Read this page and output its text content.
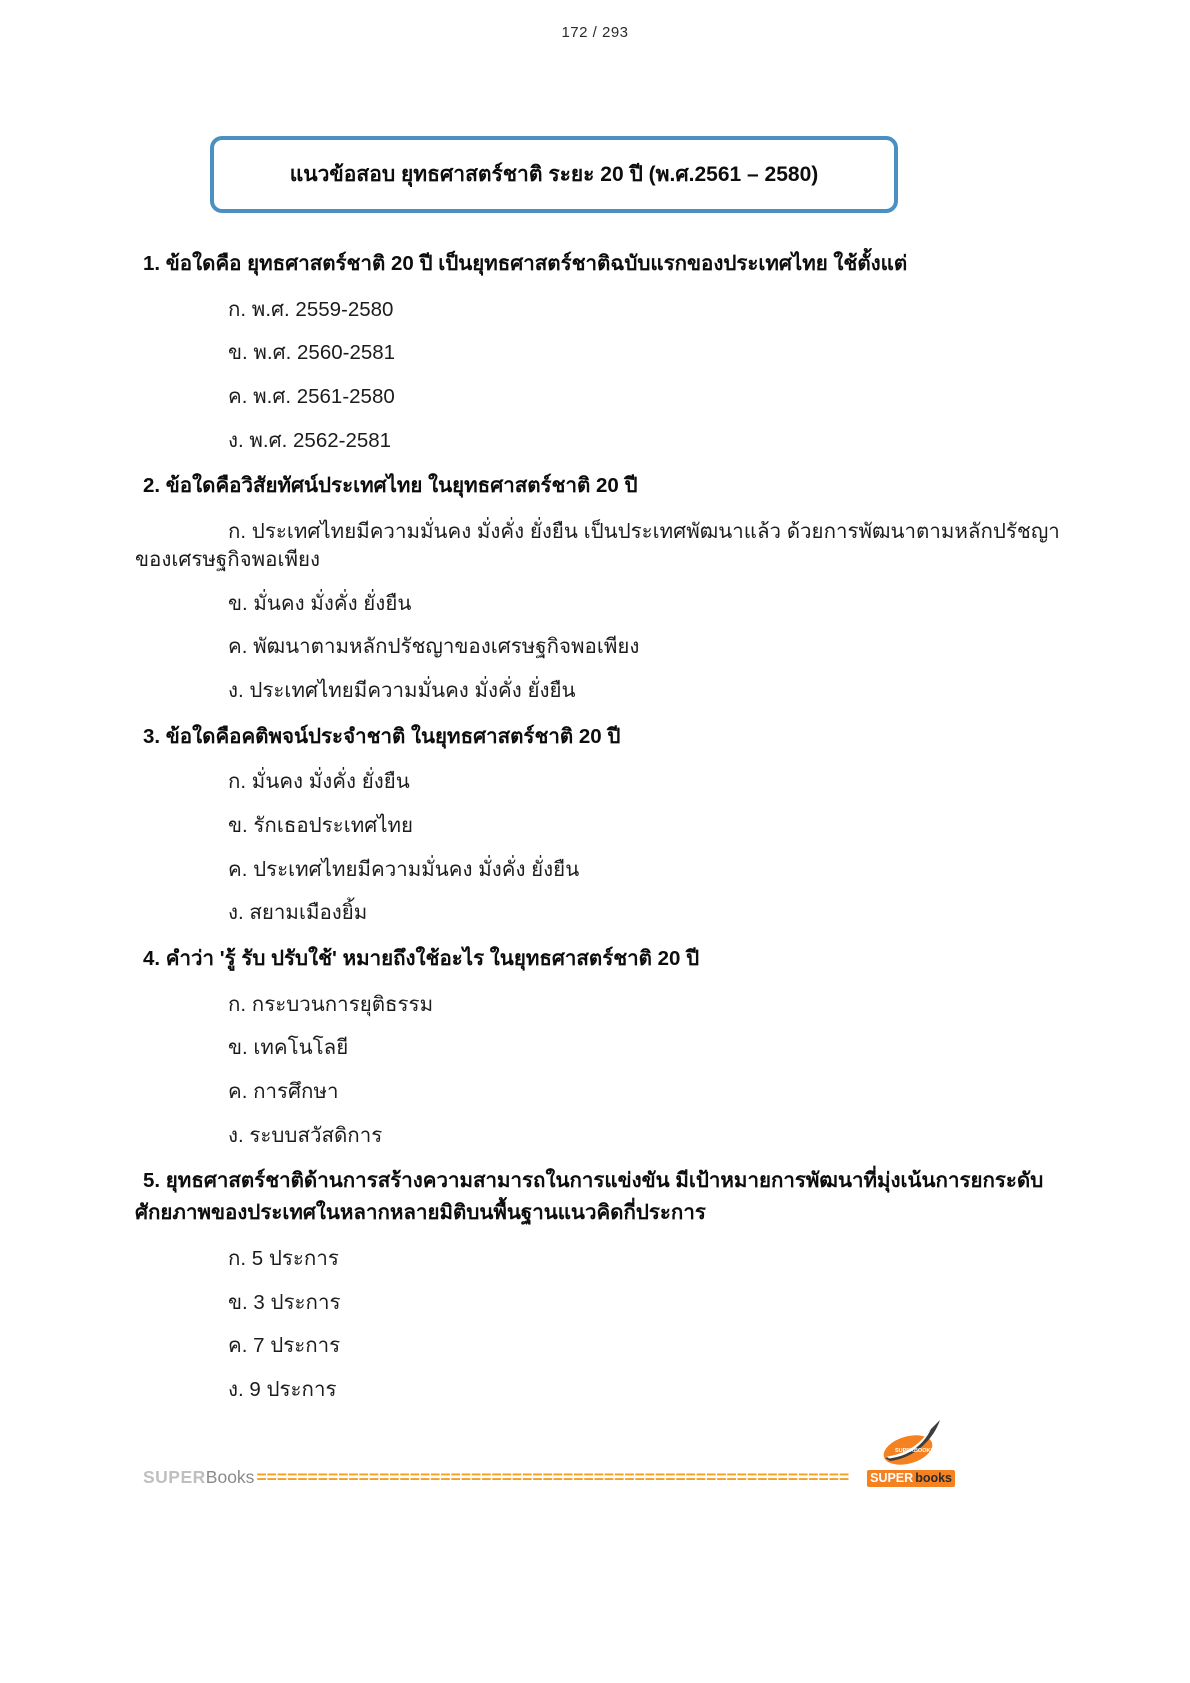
172 / 293
แนวข้อสอบ ยุทธศาสตร์ชาติ ระยะ 20 ปี (พ.ศ.2561 – 2580)
1. ข้อใดคือ ยุทธศาสตร์ชาติ 20 ปี เป็นยุทธศาสตร์ชาติฉบับแรกของประเทศไทย ใช้ตั้งแต่
ก. พ.ศ. 2559-2580
ข. พ.ศ. 2560-2581
ค. พ.ศ. 2561-2580
ง. พ.ศ. 2562-2581
2. ข้อใดคือวิสัยทัศน์ประเทศไทย ในยุทธศาสตร์ชาติ 20 ปี
ก. ประเทศไทยมีความมั่นคง มั่งคั่ง ยั่งยืน เป็นประเทศพัฒนาแล้ว ด้วยการพัฒนาตามหลักปรัชญาของเศรษฐกิจพอเพียง
ข. มั่นคง มั่งคั่ง ยั่งยืน
ค. พัฒนาตามหลักปรัชญาของเศรษฐกิจพอเพียง
ง. ประเทศไทยมีความมั่นคง มั่งคั่ง ยั่งยืน
3. ข้อใดคือคติพจน์ประจำชาติ ในยุทธศาสตร์ชาติ 20 ปี
ก. มั่นคง มั่งคั่ง ยั่งยืน
ข. รักเธอประเทศไทย
ค. ประเทศไทยมีความมั่นคง มั่งคั่ง ยั่งยืน
ง. สยามเมืองยิ้ม
4. คำว่า 'รู้ รับ ปรับใช้' หมายถึงใช้อะไร ในยุทธศาสตร์ชาติ 20 ปี
ก. กระบวนการยุติธรรม
ข. เทคโนโลยี
ค. การศึกษา
ง. ระบบสวัสดิการ
5. ยุทธศาสตร์ชาติด้านการสร้างความสามารถในการแข่งขัน มีเป้าหมายการพัฒนาที่มุ่งเน้นการยกระดับศักยภาพของประเทศในหลากหลายมิติบนพื้นฐานแนวคิดกี่ประการ
ก. 5 ประการ
ข. 3 ประการ
ค. 7 ประการ
ง. 9 ประการ
SUPERBooks ==========================================================
SUPERBOOKS
SUPER books
